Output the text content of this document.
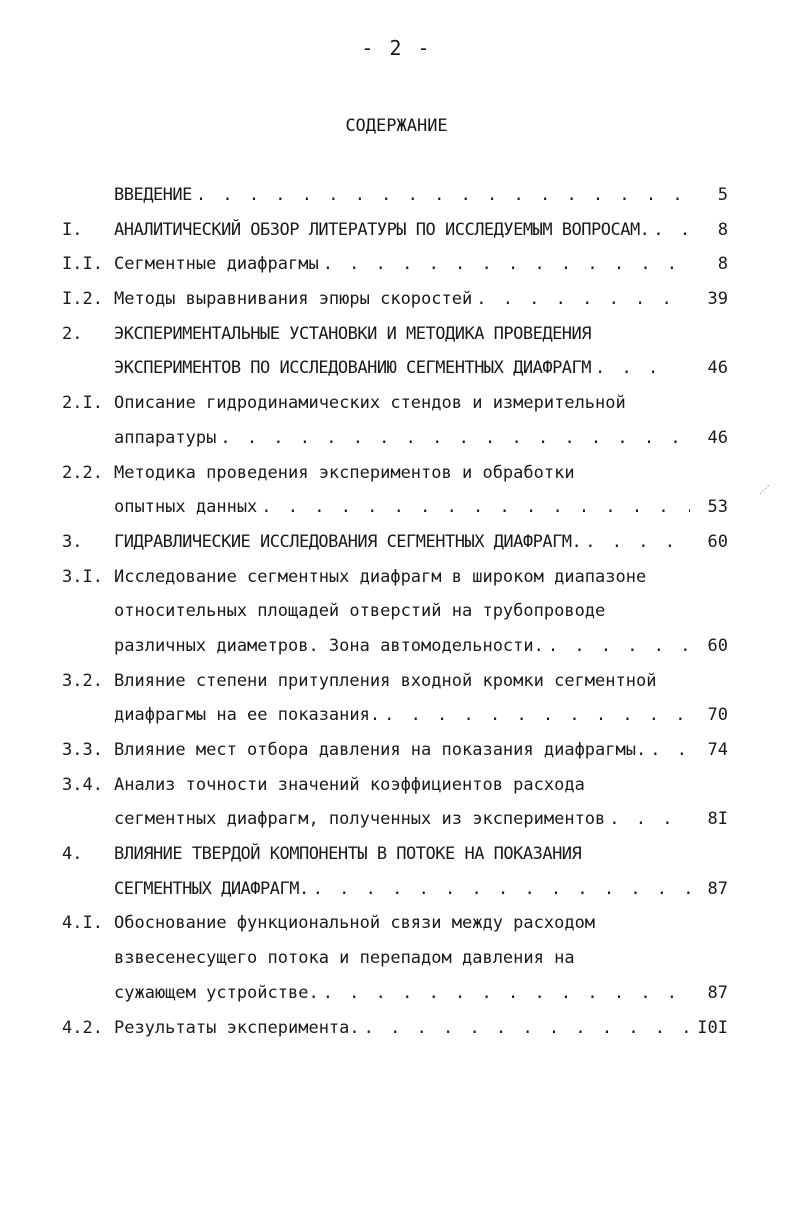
- 2 -
СОДЕРЖАНИЕ
ВВЕДЕНИЕ . . .	5
I.	АНАЛИТИЧЕСКИЙ ОБЗОР ЛИТЕРАТУРЫ ПО ИССЛЕДУЕМЫМ ВОПРОСАМ. . . .	8
I.I. Сегментные диафрагмы . . .	8
I.2. Методы выравнивания эпюры скоростей . . .	39
2.	ЭКСПЕРИМЕНТАЛЬНЫЕ УСТАНОВКИ И МЕТОДИКА ПРОВЕДЕНИЯ
ЭКСПЕРИМЕНТОВ ПО ИССЛЕДОВАНИЮ СЕГМЕНТНЫХ ДИАФРАГМ . . .	46
2.I. Описание гидродинамических стендов и измерительной
аппаратуры . . .	46
2.2. Методика проведения экспериментов и обработки
опытных данных . . .	53
3.	ГИДРАВЛИЧЕСКИЕ ИССЛЕДОВАНИЯ СЕГМЕНТНЫХ ДИАФРАГМ. . . .	60
3.I. Исследование сегментных диафрагм в широком диапазоне
относительных площадей отверстий на трубопроводе
различных диаметров. Зона автомодельности. . . .	60
3.2. Влияние степени притупления входной кромки сегментной
диафрагмы на ее показания. . . .	70
3.3. Влияние мест отбора давления на показания диафрагмы. . . .	74
3.4. Анализ точности значений коэффициентов расхода
сегментных диафрагм, полученных из экспериментов . . .	8I
4.	ВЛИЯНИЕ ТВЕРДОЙ КОМПОНЕНТЫ В ПОТОКЕ НА ПОКАЗАНИЯ
СЕГМЕНТНЫХ ДИАФРАГМ. . . .	87
4.I. Обоснование функциональной связи между расходом
взвесенесущего потока и перепадом давления на
сужающем устройстве. . . .	87
4.2. Результаты эксперимента. . . .	I0I
